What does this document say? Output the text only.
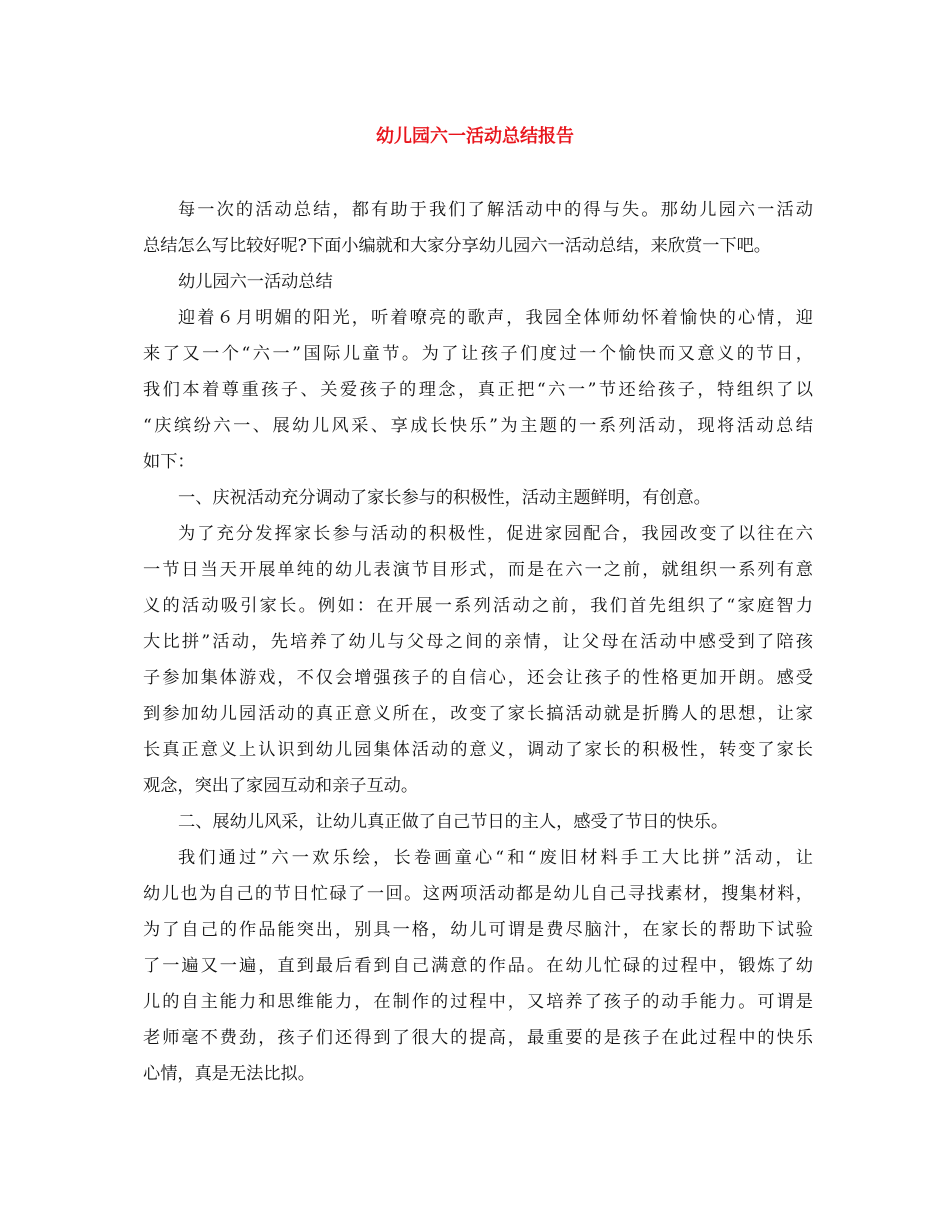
幼儿园六一活动总结报告
每一次的活动总结，都有助于我们了解活动中的得与失。那幼儿园六一活动
总结怎么写比较好呢?下面小编就和大家分享幼儿园六一活动总结，来欣赏一下吧。
幼儿园六一活动总结
迎着６月明媚的阳光，听着嘹亮的歌声，我园全体师幼怀着愉快的心情，迎
来了又一个“六一”国际儿童节。为了让孩子们度过一个愉快而又意义的节日，
我们本着尊重孩子、关爱孩子的理念，真正把“六一”节还给孩子，特组织了以
“庆缤纷六一、展幼儿风采、享成长快乐”为主题的一系列活动，现将活动总结
如下：
一、庆祝活动充分调动了家长参与的积极性，活动主题鲜明，有创意。
为了充分发挥家长参与活动的积极性，促进家园配合，我园改变了以往在六
一节日当天开展单纯的幼儿表演节目形式，而是在六一之前，就组织一系列有意
义的活动吸引家长。例如：在开展一系列活动之前，我们首先组织了“家庭智力
大比拼”活动，先培养了幼儿与父母之间的亲情，让父母在活动中感受到了陪孩
子参加集体游戏，不仅会增强孩子的自信心，还会让孩子的性格更加开朗。感受
到参加幼儿园活动的真正意义所在，改变了家长搞活动就是折腾人的思想，让家
长真正意义上认识到幼儿园集体活动的意义，调动了家长的积极性，转变了家长
观念，突出了家园互动和亲子互动。
二、展幼儿风采，让幼儿真正做了自己节日的主人，感受了节日的快乐。
我们通过”六一欢乐绘，长卷画童心“和“废旧材料手工大比拼”活动，让
幼儿也为自己的节日忙碌了一回。这两项活动都是幼儿自己寻找素材，搜集材料，
为了自己的作品能突出，别具一格，幼儿可谓是费尽脑汁，在家长的帮助下试验
了一遍又一遍，直到最后看到自己满意的作品。在幼儿忙碌的过程中，锻炼了幼
儿的自主能力和思维能力，在制作的过程中，又培养了孩子的动手能力。可谓是
老师毫不费劲，孩子们还得到了很大的提高，最重要的是孩子在此过程中的快乐
心情，真是无法比拟。
